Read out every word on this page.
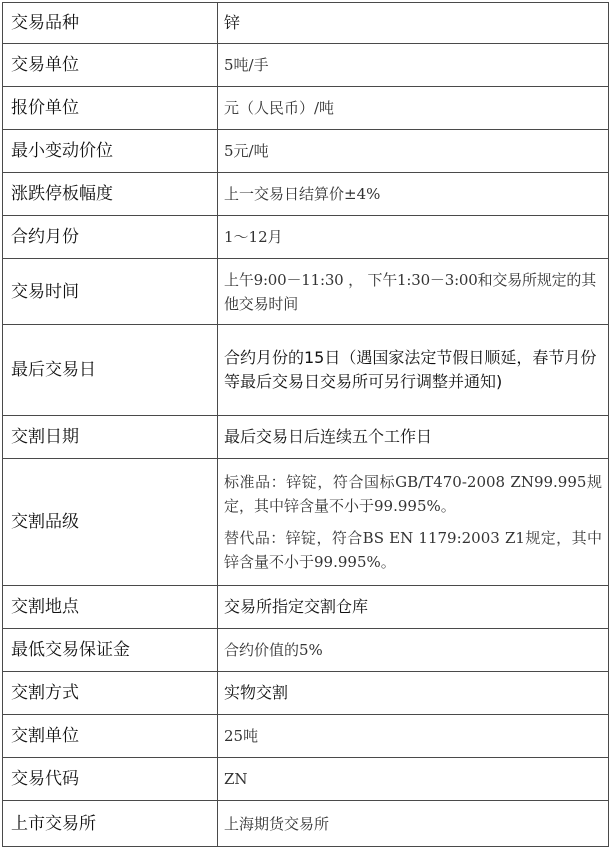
交易品种	锌
交易单位	5吨/手
报价单位	元（人民币）/吨
最小变动价位	5元/吨
涨跌停板幅度	上一交易日结算价±4%
合约月份	1～12月
交易时间	上午9:00－11:30 ， 下午1:30－3:00和交易所规定的其他交易时间
最后交易日	合约月份的15日（遇国家法定节假日顺延，春节月份等最后交易日交易所可另行调整并通知)
交割日期	最后交易日后连续五个工作日
交割品级	标准品：锌锭，符合国标GB/T470-2008 ZN99.995规定，其中锌含量不小于99.995%。
替代品：锌锭，符合BS EN 1179:2003 Z1规定，其中锌含量不小于99.995%。

交割地点	交易所指定交割仓库
最低交易保证金	合约价值的5%
交割方式	实物交割
交割单位	25吨
交易代码	ZN
上市交易所	上海期货交易所
